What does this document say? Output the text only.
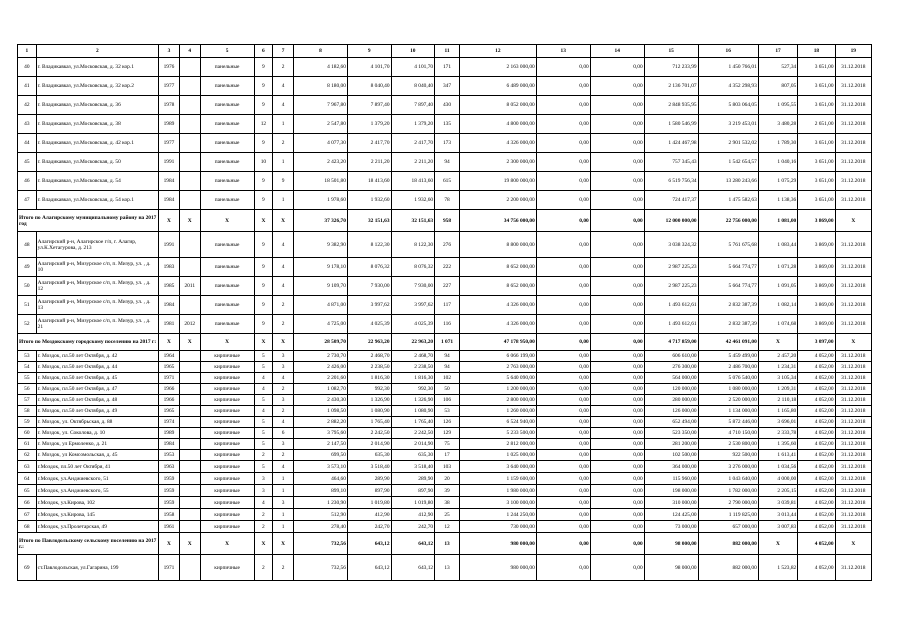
1	2	3	4	5	6	7	8	9	10	11	12	13	14	15	16	17	18	19
40	г. Владикавказ, ул.Московская, д. 32 кор.1	1976		панельные	9	2	4 182,60	4 101,70	4 101,70	171	2 163 000,00	0,00	0,00	712 233,99	1 450 766,01	527,34	3 651,00	31.12.2018
41	г. Владикавказ, ул.Московская, д. 32 кор.2	1977		панельные	9	4	8 180,00	8 040,40	8 040,40	347	6 489 000,00	0,00	0,00	2 136 701,07	4 352 298,93	807,05	3 651,00	31.12.2018
42	г. Владикавказ, ул.Московская, д. 36	1978		панельные	9	4	7 967,80	7 897,40	7 897,40	430	8 052 000,00	0,00	0,00	2 848 935,95	5 803 064,05	1 095,55	3 651,00	31.12.2018
43	г. Владикавказ, ул.Московская, д. 38	1989		панельные	12	1	2 547,80	1 379,20	1 379,20	135	4 800 000,00	0,00	0,00	1 580 546,99	3 219 453,01	3 480,28	2 651,00	31.12.2018
44	г. Владикавказ, ул.Московская, д. 42 кор.1	1977		панельные	9	2	4 077,30	2 417,70	2 417,70	173	4 326 000,00	0,00	0,00	1 424 467,98	2 901 532,02	1 789,30	3 651,00	31.12.2018
45	г. Владикавказ, ул.Московская, д. 50	1991		панельные	10	1	2 423,20	2 211,20	2 211,20	94	2 300 000,00	0,00	0,00	757 345,43	1 542 654,57	1 040,16	3 651,00	31.12.2018
46	г. Владикавказ, ул.Московская, д. 54	1984		панельные	9	9	18 501,80	18 413,60	18 413,60	615	19 800 000,00	0,00	0,00	6 519 756,34	13 280 243,66	1 075,29	3 651,00	31.12.2018
47	г. Владикавказ, ул.Московская, д. 54 кор.1	1984		панельные	9	1	1 978,60	1 932,60	1 932,60	78	2 200 000,00	0,00	0,00	724 417,37	1 475 582,63	1 138,36	3 651,00	31.12.2018
Итого по Алагирскому муниципальному району на 2017 год		X	X	X	X	X	37 326,70	32 151,63	32 151,63	958	34 756 000,00	0,00	0,00	12 000 000,00	22 756 000,00	1 081,00	3 869,00	X
48	Алагирский р-н, Алагирское г/п, г. Алагир, ул.К.Хетагурова, д. 213	1991		панельные	9	4	9 382,90	8 122,30	8 122,30	276	8 800 000,00	0,00	0,00	3 038 324,32	5 761 675,68	1 083,44	3 869,00	31.12.2018
49	Алагирский р-н, Мизурское с/п, п. Мизур, ул. , д. 10	1983		панельные	9	4	9 178,10	8 076,32	8 076,32	222	8 652 000,00	0,00	0,00	2 987 225,23	5 664 774,77	1 071,28	3 869,00	31.12.2018
50	Алагирский р-н, Мизурское с/п, п. Мизур, ул. , д. 12	1985	2011	панельные	9	4	9 109,70	7 930,00	7 930,00	227	8 652 000,00	0,00	0,00	2 987 225,23	5 664 774,77	1 091,05	3 869,00	31.12.2018
51	Алагирский р-н, Мизурское с/п, п. Мизур, ул. , д. 13	1984		панельные	9	2	4 871,00	3 997,62	3 997,62	117	4 326 000,00	0,00	0,00	1 493 612,61	2 832 387,39	1 082,14	3 869,00	31.12.2018
52	Алагирский р-н, Мизурское с/п, п. Мизур, ул. , д. 21	1981	2012	панельные	9	2	4 725,00	4 025,39	4 025,39	116	4 326 000,00	0,00	0,00	1 493 612,61	2 832 387,39	1 074,68	3 869,00	31.12.2018
Итого по Моздокскому городскому поселению на 2017 г:		X	X	X	X	X	28 509,70	22 963,20	22 963,20	1 071	47 178 950,00	0,00	0,00	4 717 859,00	42 461 091,00	X	3 097,00	X
53	г. Моздок, пл.50 лет Октября, д. 42	1964		кирпичные	5	3	2 730,70	2 468,70	2 468,70	94	6 066 199,00	0,00	0,00	606 610,00	5 459 499,00	2 457,20	4 052,00	31.12.2018
54	г. Моздок, пл.50 лет Октября, д. 44	1965		кирпичные	5	3	2 426,00	2 238,50	2 238,50	94	2 763 000,00	0,00	0,00	276 300,00	2 486 700,00	1 234,31	4 052,00	31.12.2018
55	г. Моздок, пл.50 лет Октября, д. 45	1971		кирпичные	4	4	2 201,60	1 816,30	1 816,30	102	5 640 090,00	0,00	0,00	564 000,00	5 076 540,00	3 105,34	4 052,00	31.12.2018
56	г. Моздок, пл.50 лет Октября, д. 47	1966		кирпичные	4	2	1 082,70	992,30	992,30	50	1 200 000,00	0,00	0,00	120 000,00	1 080 000,00	1 209,31	4 052,00	31.12.2018
57	г. Моздок, пл.50 лет Октября, д. 48	1966		кирпичные	5	3	2 430,30	1 326,90	1 326,90	106	2 800 000,00	0,00	0,00	280 000,00	2 520 000,00	2 110,18	4 052,00	31.12.2018
58	г. Моздок, пл.50 лет Октября, д. 49	1965		кирпичные	4	2	1 098,50	1 080,90	1 080,90	53	1 260 000,00	0,00	0,00	126 000,00	1 134 000,00	1 165,80	4 052,00	31.12.2018
59	г. Моздок, ул. Октябрьская, д. 88	1974		кирпичные	5	4	2 882,20	1 765,40	1 765,40	126	6 524 940,00	0,00	0,00	652 494,00	5 872 446,00	3 696,01	4 052,00	31.12.2018
60	г. Моздок, ул. Соколова, д. 10	1989		кирпичные	5	6	3 795,60	2 242,50	2 242,50	129	5 233 500,00	0,00	0,00	523 350,00	4 710 150,00	2 333,78	4 052,00	31.12.2018
61	г. Моздок, ул Ермоленко, д. 21	1984		кирпичные	5	3	2 147,50	2 014,90	2 014,90	75	2 812 000,00	0,00	0,00	281 200,00	2 530 800,00	1 395,60	4 052,00	31.12.2018
62	г. Моздок, ул Комсомольская, д. 45	1953		кирпичные	2	2	699,50	635,30	635,30	17	1 025 000,00	0,00	0,00	102 500,00	922 500,00	1 613,41	4 052,00	31.12.2018
63	г.Моздок, пл.50 лет Октября, 41	1963		кирпичные	5	4	3 573,10	3 518,40	3 518,40	103	3 640 000,00	0,00	0,00	364 000,00	3 276 000,00	1 034,56	4 052,00	31.12.2018
64	г.Моздок, ул.Анджиевского, 51	1959		кирпичные	3	1	464,60	289,90	289,90	20	1 159 600,00	0,00	0,00	115 960,00	1 043 640,00	4 000,00	4 052,00	31.12.2018
65	г.Моздок, ул.Анджиевского, 55	1959		кирпичные	3	1	899,10	897,90	897,90	39	1 980 000,00	0,00	0,00	198 000,00	1 782 000,00	2 205,15	4 052,00	31.12.2018
66	г.Моздок, ул.Кирова, 102	1959		кирпичные	4	3	1 230,90	1 019,80	1 019,80	38	3 100 000,00	0,00	0,00	310 000,00	2 790 000,00	3 039,81	4 052,00	31.12.2018
67	г.Моздок, ул.Кирова, 145	1958		кирпичные	2	1	512,90	412,90	412,90	25	1 244 250,00	0,00	0,00	124 425,00	1 119 825,00	3 013,44	4 052,00	31.12.2018
68	г.Моздок, ул.Пролетарская, 49	1961		кирпичные	2	1	278,40	242,70	242,70	12	730 000,00	0,00	0,00	73 000,00	657 000,00	3 007,83	4 052,00	31.12.2018
Итого по Павлодольскому сельскому поселению на 2017 г.:		X	X	X	X	X	732,56	643,12	643,12	13	980 000,00	0,00	0,00	98 000,00	882 000,00	X	4 052,00	X
69	ст.Павлодольская, ул.Гагарина, 199	1971		кирпичные	2	2	732,56	643,12	643,12	13	980 000,00	0,00	0,00	98 000,00	882 000,00	1 523,82	4 052,00	31.12.2018
